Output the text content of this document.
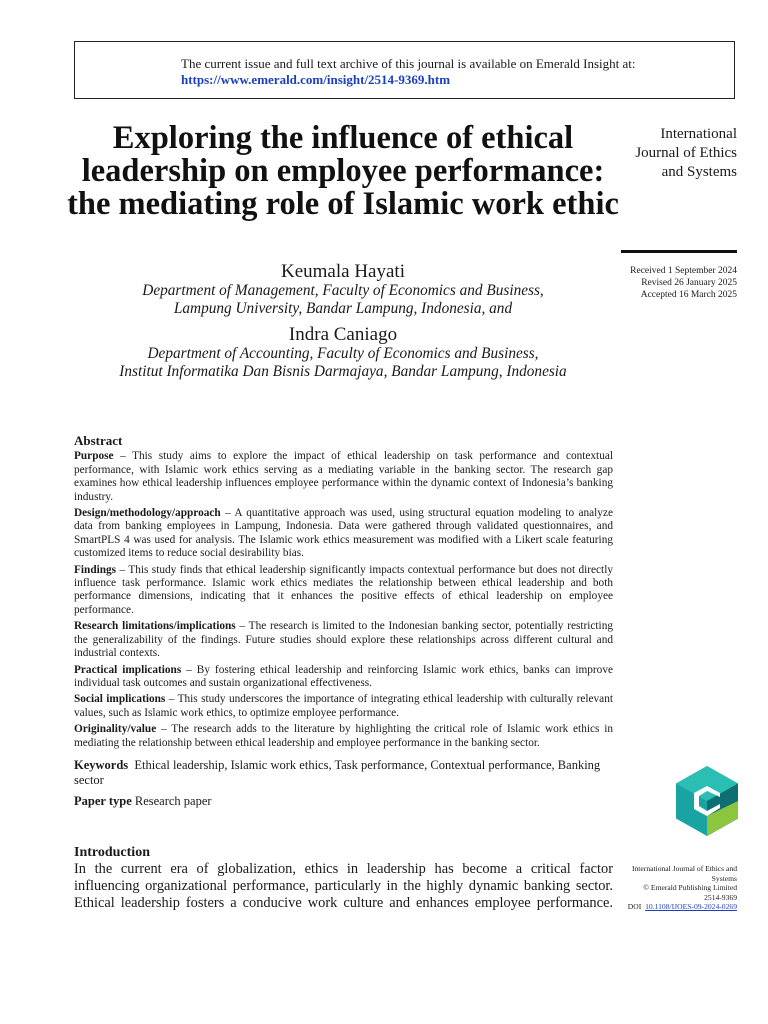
The current issue and full text archive of this journal is available on Emerald Insight at:
https://www.emerald.com/insight/2514-9369.htm
Exploring the influence of ethical leadership on employee performance: the mediating role of Islamic work ethic
Keumala Hayati
Department of Management, Faculty of Economics and Business,
Lampung University, Bandar Lampung, Indonesia, and
Indra Caniago
Department of Accounting, Faculty of Economics and Business,
Institut Informatika Dan Bisnis Darmajaya, Bandar Lampung, Indonesia
International Journal of Ethics and Systems
Received 1 September 2024
Revised 26 January 2025
Accepted 16 March 2025
Abstract

Purpose – This study aims to explore the impact of ethical leadership on task performance and contextual performance, with Islamic work ethics serving as a mediating variable in the banking sector. The research gap examines how ethical leadership influences employee performance within the dynamic context of Indonesia’s banking industry.

Design/methodology/approach – A quantitative approach was used, using structural equation modeling to analyze data from banking employees in Lampung, Indonesia. Data were gathered through validated questionnaires, and SmartPLS 4 was used for analysis. The Islamic work ethics measurement was modified with a Likert scale featuring customized items to reduce social desirability bias.

Findings – This study finds that ethical leadership significantly impacts contextual performance but does not directly influence task performance. Islamic work ethics mediates the relationship between ethical leadership and both performance dimensions, indicating that it enhances the positive effects of ethical leadership on employee performance.

Research limitations/implications – The research is limited to the Indonesian banking sector, potentially restricting the generalizability of the findings. Future studies should explore these relationships across different cultural and industrial contexts.

Practical implications – By fostering ethical leadership and reinforcing Islamic work ethics, banks can improve individual task outcomes and sustain organizational effectiveness.

Social implications – This study underscores the importance of integrating ethical leadership with culturally relevant values, such as Islamic work ethics, to optimize employee performance.

Originality/value – The research adds to the literature by highlighting the critical role of Islamic work ethics in mediating the relationship between ethical leadership and employee performance in the banking sector.

Keywords Ethical leadership, Islamic work ethics, Task performance, Contextual performance, Banking sector
Paper type Research paper
Introduction
In the current era of globalization, ethics in leadership has become a critical factor influencing organizational performance, particularly in the highly dynamic banking sector. Ethical leadership fosters a conducive work culture and enhances employee performance.
International Journal of Ethics and Systems
© Emerald Publishing Limited
2514-9369
DOI 10.1108/IJOES-09-2024-0269
